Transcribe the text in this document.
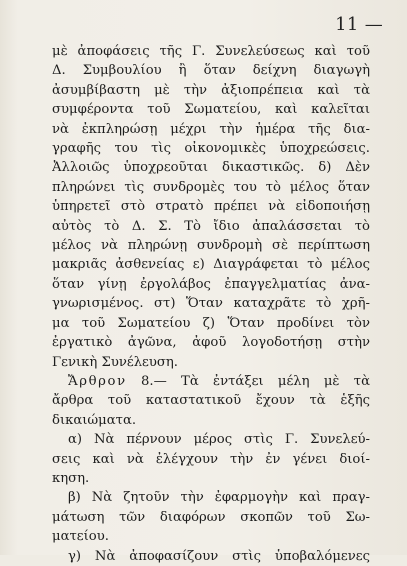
11 —
μὲ ἀποφάσεις τῆς Γ. Συνελεύσεως καὶ τοῦ
Δ. Συμβουλίου ἢ ὅταν δείχνη διαγωγὴ
ἀσυμβίβαστη μὲ τὴν ἀξιοπρέπεια καὶ τὰ
συμφέροντα τοῦ Σωματείου, καὶ καλεῖται
νὰ ἐκπληρώσῃ μέχρι τὴν ἡμέρα τῆς δια-
γραφῆς του τὶς οἰκονομικὲς ὑποχρεώσεις.
Ἀλλοιῶς ὑποχρεοῦται δικαστικῶς. δ) Δὲν
πληρώνει τὶς συνδρομὲς του τὸ μέλος ὅταν
ὑπηρετεῖ στὸ στρατὸ πρέπει νὰ εἰδοποιήσῃ
αὐτὸς τὸ Δ. Σ. Τὸ ἴδιο ἀπαλάσσεται τὸ
μέλος νὰ πληρώνῃ συνδρομὴ σὲ περίπτωση
μακριᾶς ἀσθενείας ε) Διαγράφεται τὸ μέλος
ὅταν γίνῃ ἐργολάβος ἐπαγγελματίας ἀνα-
γνωρισμένος. στ) Ὅταν καταχρᾶτε τὸ χρῆ-
μα τοῦ Σωματείου ζ) Ὅταν προδίνει τὸν
ἐργατικὸ ἀγῶνα, ἀφοῦ λογοδοτήσῃ στὴν
Γενικὴ Συνέλευση.
Ἄρθρον 8.— Τὰ ἐντάξει μέλη μὲ τὰ
ἄρθρα τοῦ καταστατικοῦ ἔχουν τὰ ἑξῆς
δικαιώματα.
α) Νὰ πέρνουν μέρος στὶς Γ. Συνελεύ-
σεις καὶ νὰ ἐλέγχουν τὴν ἐν γένει διοί-
κηση.
β) Νὰ ζητοῦν τὴν ἐφαρμογὴν καὶ πραγ-
μάτωση τῶν διαφόρων σκοπῶν τοῦ Σω-
ματείου.
γ) Νὰ ἀποφασίζουν στὶς ὑποβαλόμενες
